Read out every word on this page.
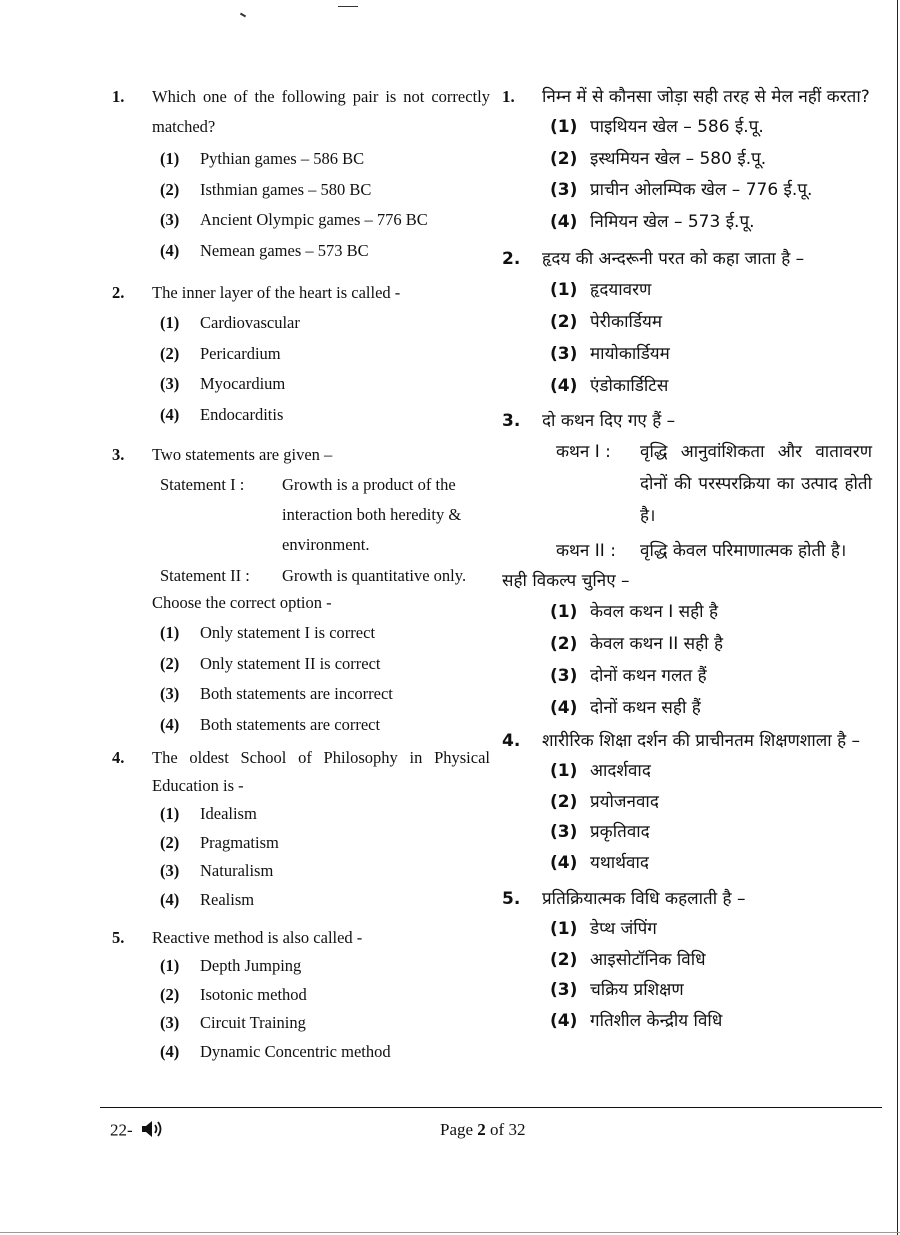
1. Which one of the following pair is not correctly matched?
(1) Pythian games – 586 BC
(2) Isthmian games – 580 BC
(3) Ancient Olympic games – 776 BC
(4) Nemean games – 573 BC
2. The inner layer of the heart is called -
(1) Cardiovascular
(2) Pericardium
(3) Myocardium
(4) Endocarditis
3. Two statements are given –
Statement I :	Growth is a product of the interaction both heredity & environment.
Statement II :	Growth is quantitative only.
Choose the correct option -
(1) Only statement I is correct
(2) Only statement II is correct
(3) Both statements are incorrect
(4) Both statements are correct
4. The oldest School of Philosophy in Physical Education is -
(1) Idealism
(2) Pragmatism
(3) Naturalism
(4) Realism
5. Reactive method is also called -
(1) Depth Jumping
(2) Isotonic method
(3) Circuit Training
(4) Dynamic Concentric method
1. निम्न में से कौनसा जोड़ा सही तरह से मेल नहीं करता?
(1) पाइथियन खेल – 586 ई.पू.
(2) इस्थमियन खेल – 580 ई.पू.
(3) प्राचीन ओलम्पिक खेल – 776 ई.पू.
(4) निमियन खेल – 573 ई.पू.
2. हृदय की अन्दरूनी परत को कहा जाता है –
(1) हृदयावरण
(2) पेरीकार्डियम
(3) मायोकार्डियम
(4) एंडोकार्डिटिस
3. दो कथन दिए गए हैं –
कथन I :	वृद्धि आनुवांशिकता और वातावरण दोनों की परस्परक्रिया का उत्पाद होती है।
कथन II :	वृद्धि केवल परिमाणात्मक होती है।
सही विकल्प चुनिए –
(1) केवल कथन I सही है
(2) केवल कथन II सही है
(3) दोनों कथन गलत हैं
(4) दोनों कथन सही हैं
4. शारीरिक शिक्षा दर्शन की प्राचीनतम शिक्षणशाला है –
(1) आदर्शवाद
(2) प्रयोजनवाद
(3) प्रकृतिवाद
(4) यथार्थवाद
5. प्रतिक्रियात्मक विधि कहलाती है –
(1) डेप्थ जंपिंग
(2) आइसोटॉनिक विधि
(3) चक्रिय प्रशिक्षण
(4) गतिशील केन्द्रीय विधि
22-	Page 2 of 32
